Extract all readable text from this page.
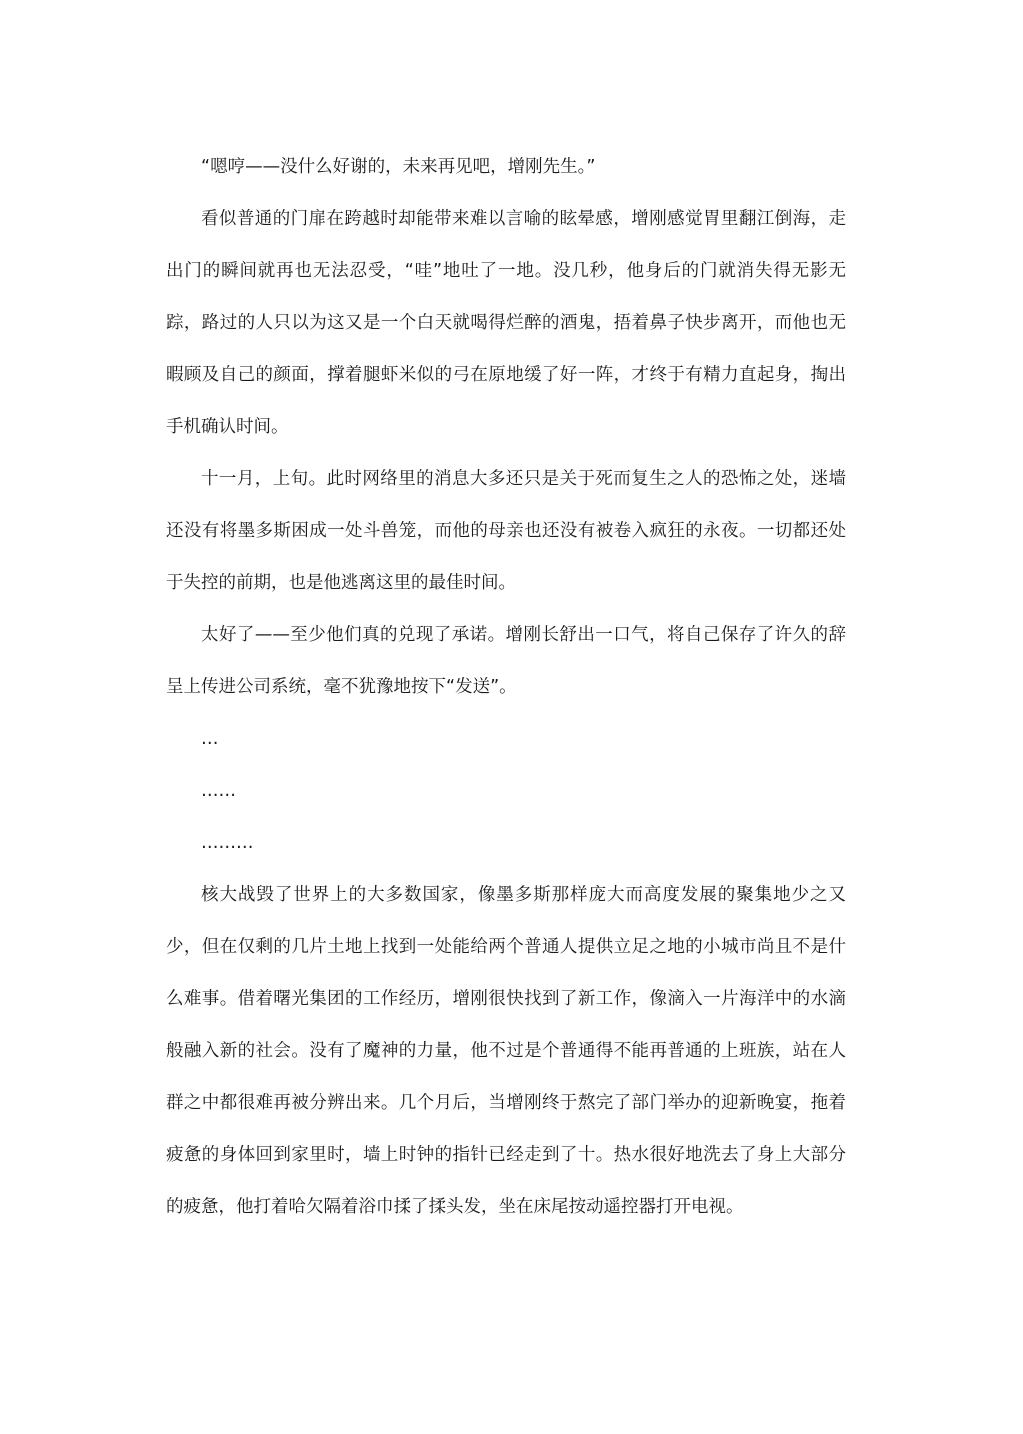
“嗯哼——没什么好谢的，未来再见吧，增刚先生。”

看似普通的门扉在跨越时却能带来难以言喻的眩晕感，增刚感觉胃里翻江倒海，走出门的瞬间就再也无法忍受，“哇”地吐了一地。没几秒，他身后的门就消失得无影无踪，路过的人只以为这又是一个白天就喝得烂醉的酒鬼，捂着鼻子快步离开，而他也无暇顾及自己的颜面，撑着腿虾米似的弓在原地缓了好一阵，才终于有精力直起身，掏出手机确认时间。

十一月，上旬。此时网络里的消息大多还只是关于死而复生之人的恐怖之处，迷墙还没有将墨多斯困成一处斗兽笼，而他的母亲也还没有被卷入疯狂的永夜。一切都还处于失控的前期，也是他逃离这里的最佳时间。

太好了——至少他们真的兑现了承诺。增刚长舒出一口气，将自己保存了许久的辞呈上传进公司系统，毫不犹豫地按下“发送”。

…

……

………

核大战毁了世界上的大多数国家，像墨多斯那样庞大而高度发展的聚集地少之又少，但在仅剩的几片土地上找到一处能给两个普通人提供立足之地的小城市尚且不是什么难事。借着曙光集团的工作经历，增刚很快找到了新工作，像滴入一片海洋中的水滴般融入新的社会。没有了魔神的力量，他不过是个普通得不能再普通的上班族，站在人群之中都很难再被分辨出来。几个月后，当增刚终于熬完了部门举办的迎新晚宴，拖着疲惫的身体回到家里时，墙上时钟的指针已经走到了十。热水很好地洗去了身上大部分的疲惫，他打着哈欠隔着浴巾揉了揉头发，坐在床尾按动遥控器打开电视。
